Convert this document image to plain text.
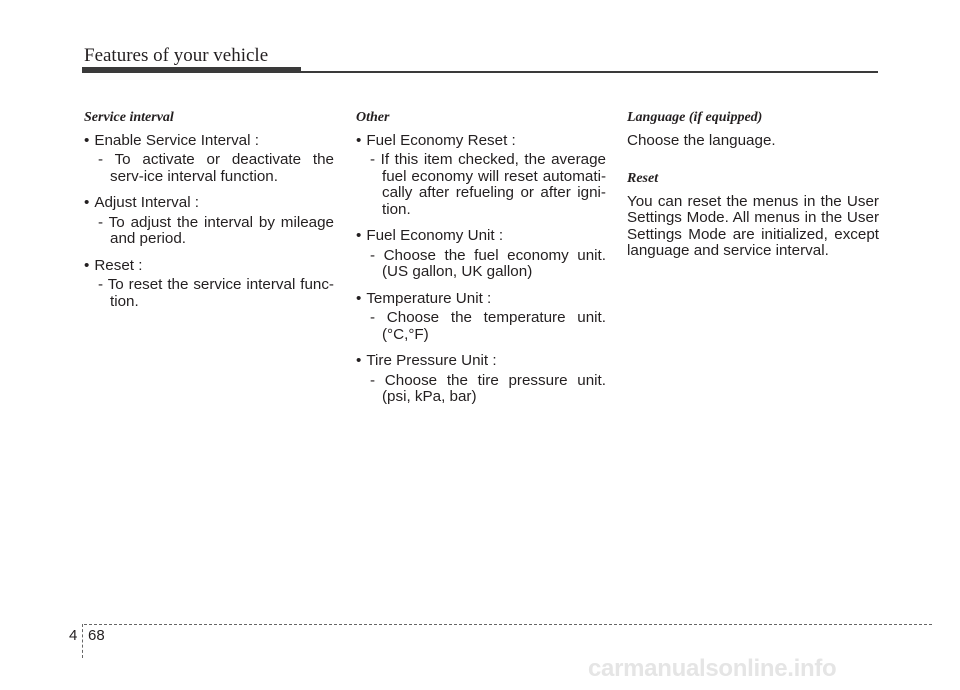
Features of your vehicle
Service interval
• Enable Service Interval :
- To activate or deactivate the serv-ice interval function.
• Adjust Interval :
- To adjust the interval by mileage and period.
• Reset :
- To reset the service interval func-tion.
Other
• Fuel Economy Reset :
- If this item checked, the average fuel economy will reset automati-cally after refueling or after igni-tion.
• Fuel Economy Unit :
- Choose the fuel economy unit. (US gallon, UK gallon)
• Temperature Unit :
- Choose the temperature unit. (°C,°F)
• Tire Pressure Unit :
- Choose the tire pressure unit. (psi, kPa, bar)
Language (if equipped)

Choose the language.

Reset

You can reset the menus in the User Settings Mode. All menus in the User Settings Mode are initialized, except language and service interval.

4 68
carmanualsonline.info
